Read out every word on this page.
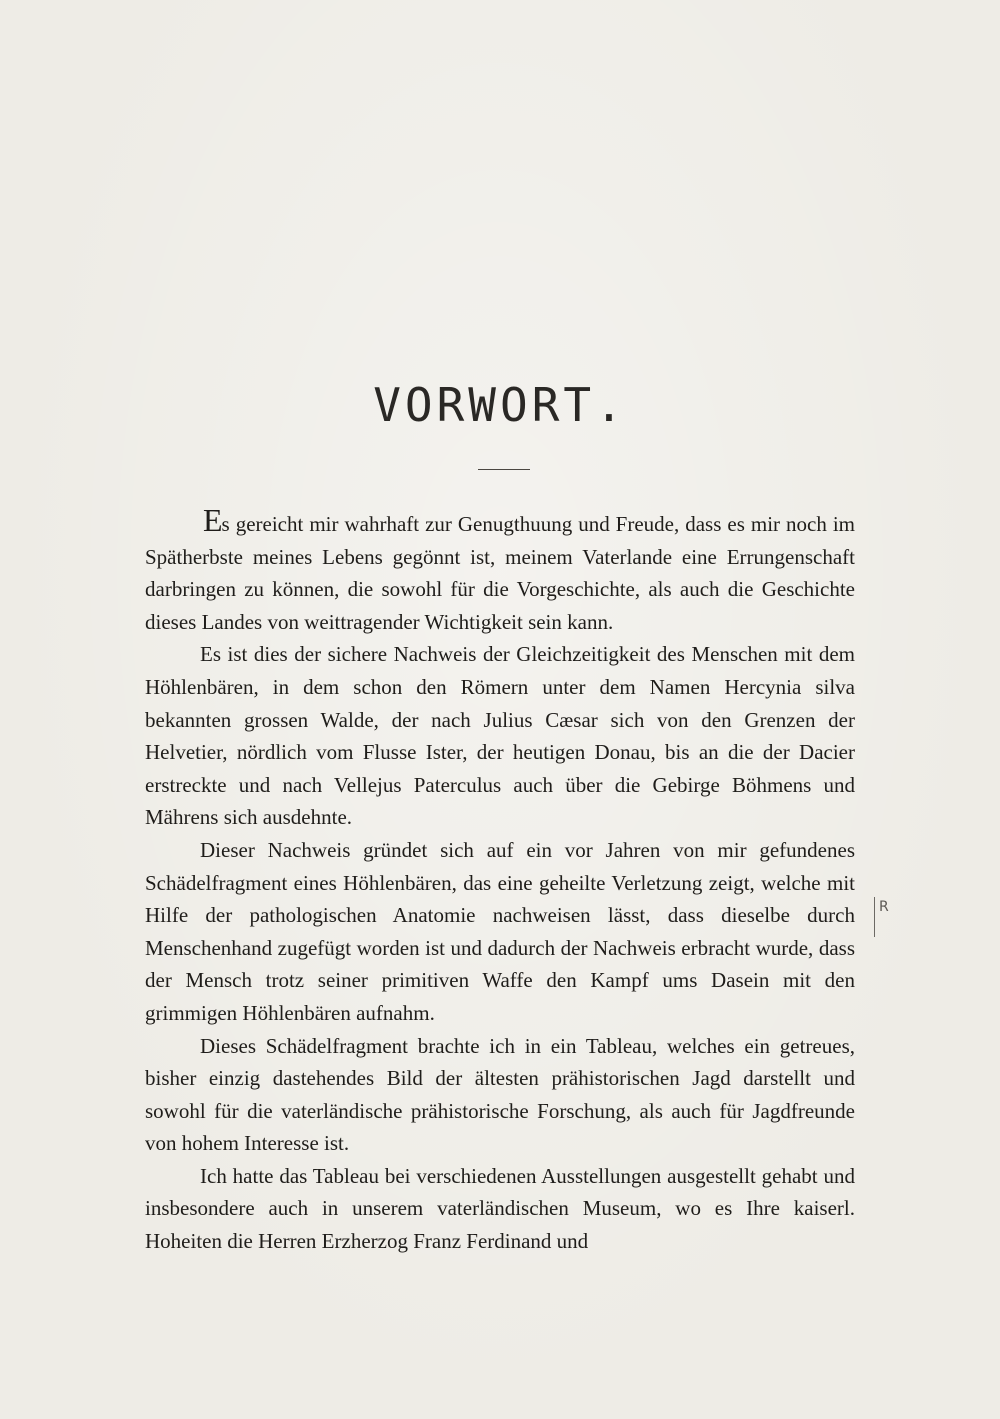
VORWORT.

Es gereicht mir wahrhaft zur Genugthuung und Freude, dass es mir noch im Spätherbste meines Lebens gegönnt ist, meinem Vaterlande eine Errungenschaft darbringen zu können, die sowohl für die Vorgeschichte, als auch die Geschichte dieses Landes von weittragender Wichtigkeit sein kann.

Es ist dies der sichere Nachweis der Gleichzeitigkeit des Menschen mit dem Höhlenbären, in dem schon den Römern unter dem Namen Hercynia silva bekannten grossen Walde, der nach Julius Cæsar sich von den Grenzen der Helvetier, nördlich vom Flusse Ister, der heutigen Donau, bis an die der Dacier erstreckte und nach Vellejus Paterculus auch über die Gebirge Böhmens und Mährens sich ausdehnte.

Dieser Nachweis gründet sich auf ein vor Jahren von mir gefundenes Schädelfragment eines Höhlenbären, das eine geheilte Verletzung zeigt, welche mit Hilfe der pathologischen Anatomie nachweisen lässt, dass dieselbe durch Menschenhand zugefügt worden ist und dadurch der Nachweis erbracht wurde, dass der Mensch trotz seiner primitiven Waffe den Kampf ums Dasein mit den grimmigen Höhlenbären aufnahm.

Dieses Schädelfragment brachte ich in ein Tableau, welches ein getreues, bisher einzig dastehendes Bild der ältesten prähistorischen Jagd darstellt und sowohl für die vaterländische prähistorische Forschung, als auch für Jagdfreunde von hohem Interesse ist.

Ich hatte das Tableau bei verschiedenen Ausstellungen ausgestellt gehabt und insbesondere auch in unserem vaterländischen Museum, wo es Ihre kaiserl. Hoheiten die Herren Erzherzog Franz Ferdinand und

R
